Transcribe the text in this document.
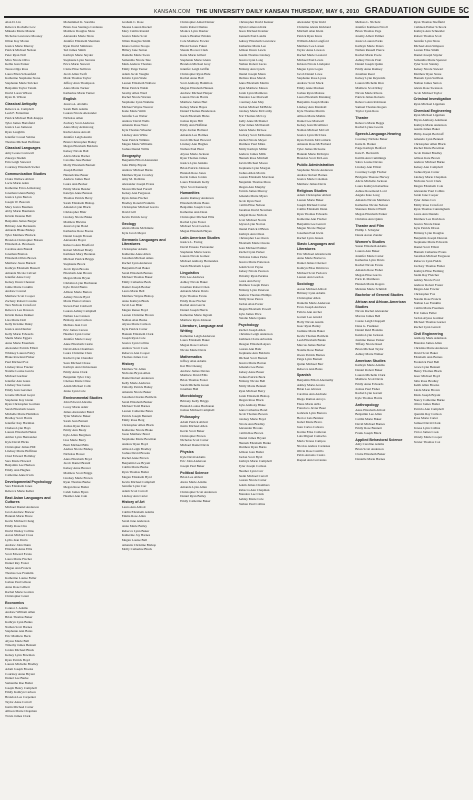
KANSAN.COM THE UNIVERSITY DAILY KANSAN THURSDAY, MAY 6, 2010 GRADUATION GUIDE 5C
Alan D. Lin
Rebecca Rochelle Low
Mikaela Marie Mazzie
Nicholas Lawrence Mooney
Jillian Kay Moran
Jessica Marie Murray
Patrick Michael Nelson
Peter Ryan Noll
Mica Nicole Oliva
Kellie Jean Parker
Teresa Olga Ross
Laura Ellen Schoenfeld
Katharine Stephanie Stone
Stephanie Marie Stricker
Benjamin Taylor Tatum
David Loren Wilson
Ryan D. Wilson
Classical Antiquity
Rebecca A. Campbell
Leah F. Fetterman
Patrick Michael Hall-Krepps
Tyler James Hartsfield
Jessica Lee Jameson
Ryan Laughlin
Jennifer Cossel Sabina
Thomas Michael Hoffman
Classical Languages
Amy Leone Cornwall
Zakarya Sheikh
Erin Leigh Steward
Courtney Elizabeth Swiler
Communication Studies
Claire Wallace Abbott
Lacie Marie Aden
Katherine Erica Armstrong
Jonathan Glenn Bailey
Jessica Lynn Barton
Joseph W. Bascom
Mary Jesica Bauman
Abby Marie Baumann
Kristin Deanne Bell
Benjamin James Berger
Brittany Ann Bernstein
Amanda Blake Bishop
Tyler Matthew Blalock
Brandon Christopher Boisen
Elizabeth A. Brackeen
Caroline Ann Brandt
Jonathan Bratton
Elizabeth Olivia Brown
Matthew Jason Burnett
Kathryn Elizabeth Bussell
Amanda Nicole Calvert
Jennifer Anne Cary
Kelsey Dawn Chesnut
Jaime Marie Conklin
Andrew Conrad
Matthew Scott Cooper
Zachary Robert Cossins
Tara Nichole Crawford
Rebecca Lea Dawson
Kristin Renee Dekker
Lisa Marie Doll
Kelly Kristine Duley
Jessica Ann Dunbar
Kelly Marie Edwards
Sheila Marie Eggers
Anna Marie Eisenbeis
Alexander Patrick Elliott
Whitney Lauren Fabry
Blake Rowland Fisher
Paul Michael Fox
Lindsey Rose Frazier
Natalie Louise Garcia
Michael Gardner
Jennifer Ann Gates
Lindsey Sue Gauss
Emily Jean Gerstner
Jerome Michael Geyer
Stephanie Kay Glenn
Ryan Christopher Gorman
Sarah Elizabeth Green
Michelle Marie Hamilton
Bradley Scott Harris
Jennifer Kay Hartman
Chelsea Lynn Hays
Lauren Elizabeth Heinz
Amber Lynn Hernandez
Kyle David Hicks
Christopher James Hill
Lindsay Marie Hoffman
Chad Edward Holliday
Sara Marie Howard
Benjamin Lee Hudson
Emily Ann Hughes
Catherine Anne Irwin
Developmental Psychology
Sara Elizabeth Jones
Rebecca Marie Keller
East Asian Languages and Cultures
Michael Daniel Anderson
Jacob Andrew Brewer
Hannah Marie Bruce
Kevin Michael Chang
Emily Rose Chu
David Wesley Collins
Aaron Michael Cross
Lydia Jean Davis
Andrew John Dunn
Elizabeth Anne Ellis
Scott Edward Evans
Laura Marie Fischer
Daniel Ray Foster
Megan Ann Francis
Thomas Lee Franklin
Katherine Louise Fuller
Joshua Paul Gibson
Anna Rose Gilbert
Rachel Marie Gordon
Christopher Grant
Economics
Connor J. Adams
Andrew William Allen
Brian Thomas Baker
Kathryn Lynn Banks
Nathan Scott Barnes
Stephanie Ann Bates
Eric Matthew Beck
Alyssa Marie Bell
Timothy James Bennett
Jordan Michael Black
Kelsey Lynn Bowman
Ryan Patrick Boyd
Lauren Michelle Bradley
Adam Joseph Brooks
Courtney Anne Bryant
Daniel Lee Burke
Samantha Rae Butler
Joseph Henry Campbell
Emily Kathryn Carlson
Brandon Lee Carpenter
Taylor Anne Carroll
Justin Michael Carter
Allison Marie Chapman
Travis James Clark
Mohammed K. Sarabha
Brian Jose Santiago Cardenas
Matthew Douglas Shaw
Alexandra Marie Shaw
Jennifer Elizabeth Sherman
Ryan David Simmons
Ted James Smith
Kathryn Marie Snyder
Stephanie Lynn Stevens
Erica Marie Stewart
Claire Elise Sullivan
Jacob Allen Swift
Mark Thomas Taylor
Jeffrey Alan Thompson
Anna Marie Tucker
Katherine Marie Turner
English
Jessica A. Abdulla
Sarah Beth Adams
Lauren Nicole Alexander
Nicholas Allen
Zachary Scott Andrews
Anna Mary Armstrong
Rachel Anne Arnold
Jennifer Leigh Austin
Brian Christopher Bailey
Megan Elizabeth Baldwin
Kelsey Nicole Ball
Alicia Marie Barber
Caroline Jane Barker
Molly Elizabeth Barnett
Joseph Bartlett
Hannah Rae Bauer
Andrew James Beal
Laura Ann Becker
Emily Marie Bender
Katelyn Anne Benson
Thomas Patrick Berry
Sarah Elizabeth Bishop
Amanda Lynn Black
Christopher Blair
Lindsay Nicole Blake
Matthew Blevins
Jessica Lynn Bond
Katherine Rose Boone
Daniel Joseph Bowen
Alexandra Boyer
Rebecca Ann Bradford
Robert Michael Brady
Kathleen Mary Brennan
Michael Patrick Briggs
Stephanie Brock
Jacob Ryan Brooks
Elizabeth Ann Brown
Megan Marie Bryan
Christina Lynn Buchanan
Kyle David Burns
Allison Marie Burton
Ashley Nicole Byrd
Maria Elena Cabrera
Steven Paul Caldwell
Lauren Ashley Campbell
Nathan Lee Cannon
Brittany Ann Carlson
Melissa Jean Carr
Eric James Carson
Heather Lynn Carter
Jennifer Marie Casey
Anne Elizabeth Castle
David Allen Chambers
Laura Christine Chan
Rachel Lynn Chandler
Sean Michael Chase
Kathryn Ann Christensen
Emily Anne Clark
Benjamin Tyler Clay
Chelsea Marie Cline
Adam Michael Cobb
Jenna Lynn Cole
Environmental Studies
John Edward Abrams
Lacey Marie Adair
James Alexander Baird
Tyler Mathew Baker
Sarah Jean Barnett
Joshua Ryan Barton
Emily Ann Beaty
Kyle Allan Bergman
Lisa Marie Berry
Brett Michael Bills
Andrea Nicole Bishop
Nicholas Bower
Anna Elizabeth Boyd
Jacob Daniel Brandt
Kelsey Anne Brewer
Matthew Scott Briggs
Lindsey Marie Brown
Ryan Thomas Burke
Megan Rose Butler
Caleb James Byers
Heather Ann Cain
Graham C. Rose
Sheena Lauren Ruckel
Mary Caitlin Ronald
Jessica Marie Scott
Jillian Douglas Smith
Kiana Latrice Stoops
Hillary Jane Sutton
Danielle Marie Swan
Samantha Nicole Tate
Mark Andrew Thomas
Emily Paige Turner
Adam Jacob Vaughn
Kristin Lynn Wade
Lauren Elizabeth Wallace
Brian Patrick Walsh
Jeremy Allen Ward
Rachel Nicole Warren
Stephanie Lynn Watkins
Michael Wayne Weaver
Katie Marie Webb
Jennifer Lee Weber
Andrew David Wells
Amanda Rose West
Kyle Thomas Wheeler
Lindsey Ann White
Sean Patrick Wilkins
Megan Marie Williams
Joshua Daniel Willis
Geography
Benjamin Elliott Alexander
John Philip Bryant
Andrew Michael Burns
Matthew Ryan Crowley
Amy M. Dobbins
Alexander Joseph Evans
Shawn Michael Farrell
Kelsey Ann Ferguson
Ryan James Fischer
Bradley Ronald Franklin
Christopher Michael Garcia
David Gill
Kevin Patrick Gray
Geology
Alexia Marie McKinnie
Kyle Jacob Meyer
Germanic Languages and Literatures
Christopher Adams
Katherine Anne Allen
Jonathan Michael Ames
Rachel Lynn Anderson
Benjamin Paul Baker
Sarah Elizabeth Barnes
Michael Thomas Bauer
Emily Catherine Beck
Daniel Joseph Becker
Laura Marie Bell
Matthew Wayne Bishop
Anna Kathryn Black
Jacob Lee Blair
Megan Renee Boyd
Lauren Christine Brown
Nathan Alan Burke
Alyssa Marie Carlson
Kyle Patrick Carter
Hannah Elizabeth Clark
Joseph Ryan Cole
Jessica Lynn Collins
Andrew Scott Cook
Rebecca Ann Cooper
Thomas James Cox
History
Matthew W. Allen
Nicholas Bryan Allen
Daniel Robert Anderson
Kelly Marie Andrews
Timothy Patrick Bailey
Amanda Nicole Baker
Jonathan Charles Baldwin
Sarah Elizabeth Barker
Michael Todd Barnes
Lauren Catherine Bates
Patrick Joseph Bennett
Emily Rose Berg
Christopher Allen Black
Katherine Nicole Blake
Jason Matthew Bond
Stephanie Marie Bowman
Andrew Ryan Boyd
Allison Leigh Bradley
Joshua David Brooks
Rachel Anne Brown
Benjamin Lee Bryant
Caitlin Marie Burke
Ryan Thomas Butler
Megan Elizabeth Byrd
Kevin Michael Campbell
Jennifer Lynn Carr
Adam Scott Carroll
Lindsay Ann Carter
History of Art
Laura Ann Abbott
Caitlin Elizabeth Adams
Emma Rose Allen
Sarah Jane Anderson
Anna Marie Bailey
Rebecca Lynn Baker
Katherine Joy Barnes
Megan Louise Bell
Amanda Christine Bishop
Molly Catherine Black
Christopher Amad Darner
Justin Robert Damas
Monica Lynn Dauber
Jessica Heather Emden
Cole Matthew Fowler
Hiroki Satoru Fukui
Shaula Hoover Clark
Katie Marie Gilbert
Stephanie Marie Glenn
Brandon Michael Gray
Jennifer Leigh Griffin
Christopher Ryan Hale
Rachel Anne Hall
Scott Anthony Hamilton
Megan Elizabeth Hansen
Andrew Michael Harper
Lauren Nicole Harris
Matthew James Hart
Kelsey Marie Hayes
Daniel Thomas Henderson
Sarah Elizabeth Hicks
Joshua Ryan Hill
Emily Ann Hoffman
Kyle Jordan Holland
Amanda Lee Holmes
Jacob Michael Howard
Lindsey Ann Hughes
Nathan Paul Hunt
Alyssa Marie Jackson
Ryan Thomas James
Jessica Lynn Jenkins
Brian Patrick Johnson
Hannah Rose Jones
Kevin James Jordan
Laura Elizabeth Kelly
Tyler Scott Kennedy
Humanities
Austin Ramsey Anderson
Elizabeth Marie Bates
Benjamin Joseph Cook
Katherine Ann Dean
Christopher Michael Ellis
Rachel Lynn Foster
Michael Scott Gordon
Megan Elizabeth Hayes
Latin American Studies
Jessica L. Ewing
David Ernesto Fernandez
Stephanie Maria Garza
Lauren Nicole Gomez
Michael Anthony Hernandez
Sarah Elizabeth Lopez
Linguistics
Erin Lee Andrews
Ashley Nicole Baker
Jonathan Robert Chen
Amanda Marie Davis
Kyle Thomas Evans
Emily Rose Fischer
Rachel Ann Garcia
Daniel Joseph Harris
Katherine Marie Ingram
Matthew Ryan Johnson
Literature, Language and Writing
Katherine Leigh Anderson
Laura Elizabeth Baker
Megan Rose Carlson
Nicole Marie Davis
Mathematics
Jeffrey Alan Adams
Kai Hin Cheung
Andrew James Davies
Matthew David Ellis
Brian Thomas Foster
Sarah Michelle Green
Jonathan Hall
Microbiology
Brittany Kelly Briggs
Hannah Louise Buchanan
Joshua Michael Campbell
Philosophy
Adam Patrick Abbott
Justin Michael Allen
Kevin Scott Baker
Christopher Brown
Nicholas Scott Carter
Michael Daniel Davis
Physics
Kyle David Adams
Eric John Anderson
Joseph Paul Baker
Political Science
Brian Lee Abbott
Alexa Marie Adams
Amanda Lynn Allen
Christopher Scott Anderson
Daniel Ryan Bailey
Emily Catherine Baker
Christopher David Kenner
Dylan Cameron Kirk
Jason Michael Kramer
Kenneth Paul Landis
Aubrey Elizabeth Lawrence
Katherine Marie Lee
Allison Dawn Lewis
Austin Thomas Lindsey
Jessica Lynn Long
Nathan Robert Lucas
Brittany Ann Lynch
Daniel Joseph Mann
Melissa Rose Marsh
Anna Elizabeth Martin
Ryan Matthew Mason
Sarah Lynn Matthews
Brandon Lee Maxwell
Courtney Ann May
Jordan Michael McBride
Lindsey Marie McCarthy
Eric Thomas McCoy
Kelly Anne McDaniel
Tyler James McDonald
Alexis Marie McGee
Zachary Scott McKenzie
Rachel Nicole Meyer
Matthew Paul Miles
Emily Kathryn Miller
Andrew James Mills
Hannah Rose Mitchell
Kevin Michael Moore
Stephanie Lynn Morgan
Joshua Allen Morris
Lauren Elizabeth Morrison
Benjamin Thomas Moss
Megan Ann Murphy
Patrick James Murray
Amanda Marie Myers
Jacob Ryan Neal
Caitlin Elise Nelson
Jonathan David Newman
Abigail Rose Nichols
Scott Michael Norris
Alyssa Lynn Norton
Daniel Patrick O'Brien
Kathryn Ann Olson
Christopher Lee Owen
Elizabeth Marie Owens
Sean Michael Palmer
Rachel Lynn Parker
Nicholas James Parks
Jessica Marie Patterson
Adam Scott Payne
Kelsey Nicole Pearson
Timothy Ryan Perkins
Laura Ann Perry
Matthew Joseph Peters
Brittany Lynn Peterson
Andrew Thomas Phillips
Emily Rose Pierce
Jordan Alan Porter
Megan Elizabeth Powell
Kyle James Price
Natalie Marie Quinn
Psychology
Rachel Joseph Allen
Christine Leigh Anderson
Kathleen Claire Arbuckle
Meagan Elizabeth Ayers
Lauren Ann Bahr
Stephanie Ann Baldwin
Michael Scott Barnett
Jessica Marie Barton
Amanda Lee Bates
Kelsey Anne Bauer
Joshua Patrick Beck
Brittany Nicole Bell
Emily Marie Bennett
Ryan Michael Berry
Sarah Elizabeth Bishop
Megan Rose Black
Kyle Anthony Blake
Anna Catherine Bond
Jacob Thomas Bowen
Lindsey Marie Boyd
Nicole Ann Bradley
Alexander Brooks
Caitlin Rae Brown
Daniel James Bryant
Hannah Elizabeth Burke
Matthew Ryan Burns
Allison Jean Butler
Jordan Scott Byrd
Kathryn Marie Campbell
Tyler Joseph Carlson
Heather Lynn Carr
Justin Michael Carroll
Lauren Nicole Carter
Adam James Chambers
Rebecca Ann Chapman
Brandon Lee Clark
Ashley Marie Cole
Nathan Paul Collins
Alexander Tyler Kidd
Christina Alexis Kirkland
Mitchell Alan Klein
Patrick Ryan Knox
William Allen Langford
Matthew Lee Larsen
Taylor Anne Lawson
Rachel Marie Leonard
Michael Paul Lewis
Kristen Nicole Lindquist
Megan Lynn Logan
Jacob Daniel Lowe
Stephanie Rose Lyons
Andrew Scott Mack
Emily Anne Madsen
Joshua Ryan Malone
Laura Elizabeth Manning
Benjamin Joseph Marks
Lindsey Ann Marshall
Kyle Thomas Martin
Allison Marie Mathis
Daniel Lee Maxwell
Kelsey Jean McAllister
Nathan Michael McCall
Jessica Lynn McClure
Ryan Patrick McCormick
Amanda Rose McFarland
Tyler James McGuire
Hannah Marie McIntyre
Brandon Scott McLean
Public Administration
Stephanie Nicole Anderson
Andrew Robert Barnes
Jessica Marie Coleman
Matthew James Davis
Religious Studies
Adam Christopher Abbott
Lauren Marie Baker
Joseph Michael Carter
Caitlin Elizabeth Dunn
Ryan Thomas Edwards
Katherine Ann Fischer
Benjamin Lee Garrett
Megan Nicole Harper
Jonathan Paul Irwin
Rachel Lynn Jensen
Slavic Languages and Literatures
Eric Michael Abramowitz
Anna Marie Borisova
Daniel James Chernov
Kathryn Elise Dmitrova
Michael Scott Fedorov
Lauren Ann Gordon
Sociology
Aaron Michael Abbott
Brittany Lynn Adams
Christopher Allen
Danielle Marie Anderson
Evan Joseph Andrews
Felicia Ann Archer
Garrett Lee Arnold
Holly Nicole Austin
Isaac Ryan Bailey
Jasmine Marie Baker
Kevin Thomas Baldwin
Leah Elizabeth Banks
Marcus James Barber
Natalie Rose Barker
Owen Patrick Barnes
Paige Lynn Barnett
Quinn Michael Barr
Rebecca Ann Bates
Spanish
Benjamin Elliott Abernathy
Ashley Marie Acosta
Brian Lee Alvarez
Caroline Ann Andrade
Diego Ramon Arroyo
Elena Maria Avila
Francisco Javier Baez
Gabriela Lynn Barrera
Hector Luis Benitez
Isabel Marie Bravo
Juan Carlos Cabrera
Karina Elise Calderon
Luis Miguel Camacho
Maria Teresa Campos
Nicolas Andres Cardenas
Olivia Rose Castillo
Pablo Antonio Castro
Raquel Ann Cervantes
Melissa L. Nicholz
Jennifer Kathleen Nicoll
Brian Thomas Page
Jeremy Albert Palmer
Jessica Lauren Parks
Kathryn Marie Peters
Nathan Russell Pierce
Rachel Marie Poole
Ashley Nicole Pratt
Daniel Joseph Quinn
Emily Anne Ramsey
Jonathan Reed
Kelsey Lynn Reynolds
Lauren Michelle Rice
Matthew Scott Riley
Nicole Marie Rivera
Patrick James Roberts
Rebecca Ann Robinson
Samuel Thomas Rogers
Taylor Lynn Ross
Theatre
Rebecca Marie Beggs
Rachel Lynne Goertz
Speech-Language-Hearing
Courtney Nichole Baker
Katie R. Barker
Paige Kathryn Bedford
Kate E. Beckwith
Kaitlin Ann Cummings
Sabra Louise Davies
Lindsey Ann Elliott
Courtney Leigh Fischer
Bridgette Therese Harvey
Alicia Michelle Jackson
Laura Kathryn Kaberline
Ashlee Rosemond Lord
Angela Kate Long
Amanda Nicole Matthews
Katherine Nicole Nelson
Shannon Marie O'Neill
Megan Elizabeth Parker
Christina Ann Quinn
Theatre and Film
Phillip J. Schuyler
Derek Aaron Zander
Women's Studies
Susan Elizabeth Adams
Lauren Ann Baker
Jennifer Marie Carter
Katherine Lynn Davis
Rachel Nicole Evans
Amanda Rose Fisher
Megan Elise Garcia
Paris R. Matthews
Hannah Marie Rogers
Melanie Marie Schmidt
Bachelor of General Studies
African and African-American Studies
Nicole Rachel Alexander
Marcus James Bell
Cassie Leigh Chappell
Dana G. Faulkner
Daniel Reid Hoskins
Keisha Lynn Jackson
Jasmine Renee Parker
Tiffany Nicole Reed
Brian Michael Taylor
Ashley Marie Walker
American Studies
Kathryn Marie Adams
Daniel Robert Baker
Lauren Michelle Clark
Matthew Scott Davis
Emily Anne Edwards
Joshua Paul Fisher
Rachel Lynn Garrett
Kyle Thomas Harris
Anthropology
Anna Elizabeth Abbott
Benjamin Lee Allen
Caitlin Marie Baker
David Michael Barnes
Emily Rose Bennett
Frank Joseph Black
Applied Behavioral Science
Amy Caroline Adams
Brian Scott Anderson
Claire Elizabeth Baker
Danielle Marie Barnes
Ryan Thomas Sheffield
Cathleen Esther Schrock
Kathryn Ann Schneider
Robert Thomas Scott
Jennifer Lynn Shaw
Michael Alan Simpson
Lauren Elise Smith
Daniel Joseph Snyder
Samantha Marie Spencer
Tyler Scott Stanley
Kelsey Nicole Stewart
Matthew Ryan Stone
Hannah Lynn Sullivan
Nathan James Sutton
Alexis Rose Swanson
Jacob Michael Taylor
Criminal Investigation
Ryan Michael Lippman
Chemical Engineering
Ryan Michael Lippman
Bryan Anthony Adamson
Kathryn Marie Anderson
Austin James Baker
Philip Joseph Bechtoff
Amanda Lynn Bennett
Christopher Allen Black
Rachel Marie Bowman
Jacob Daniel Bradley
Allison Kate Brown
Andrew Michael Burke
Kelsey Ann Campbell
Joshua Ryan Carter
Lindsey Marie Chapman
Nicholas Scott Clark
Megan Elizabeth Cole
Alexander Paul Collins
Sarah Jane Cooper
Tyler James Cox
Emily Rose Crawford
Ryan Thomas Cunningham
Laura Ann Daniels
Matthew Lee Davidson
Jessica Nicole Dean
Kyle Patrick Dixon
Brittany Lynn Douglas
Benjamin Joseph Duncan
Stephanie Marie Edwards
Daniel Scott Elliott
Hannah Catherine Evans
Jonathan Michael Ferguson
Rebecca Lynn Fields
Zachary Thomas Fisher
Kathryn Elise Fleming
Justin Ray Fletcher
Ashley Nicole Ford
Andrew Robert Foster
Megan Ann Fowler
Christopher Fox
Natalie Rose Francis
Nathan Lee Franklin
Caitlin Marie Freeman
Eric James Fuller
Jordan Alyssa Gardner
Michael Thomas Garner
Rachel Lynn Garrett
Civil Engineering
Anthony Mark Adamson
Brandon James Allen
Christina Marie Anderson
David Scott Baker
Elizabeth Ann Barnes
Frederick Paul Bell
Grace Lynn Bennett
Henry Thomas Black
Isaac Michael Boyd
Julia Rose Bradley
Keith Allen Brooks
Linda Marie Brown
Mark Joseph Bryant
Nancy Catherine Burke
Oliver James Butler
Patricia Ann Campbell
Quentin Ray Carlson
Rose Marie Carter
Samuel David Clark
Teresa Lynn Collins
Victor James Cook
Wendy Marie Cooper
Xavier Thomas Cox
